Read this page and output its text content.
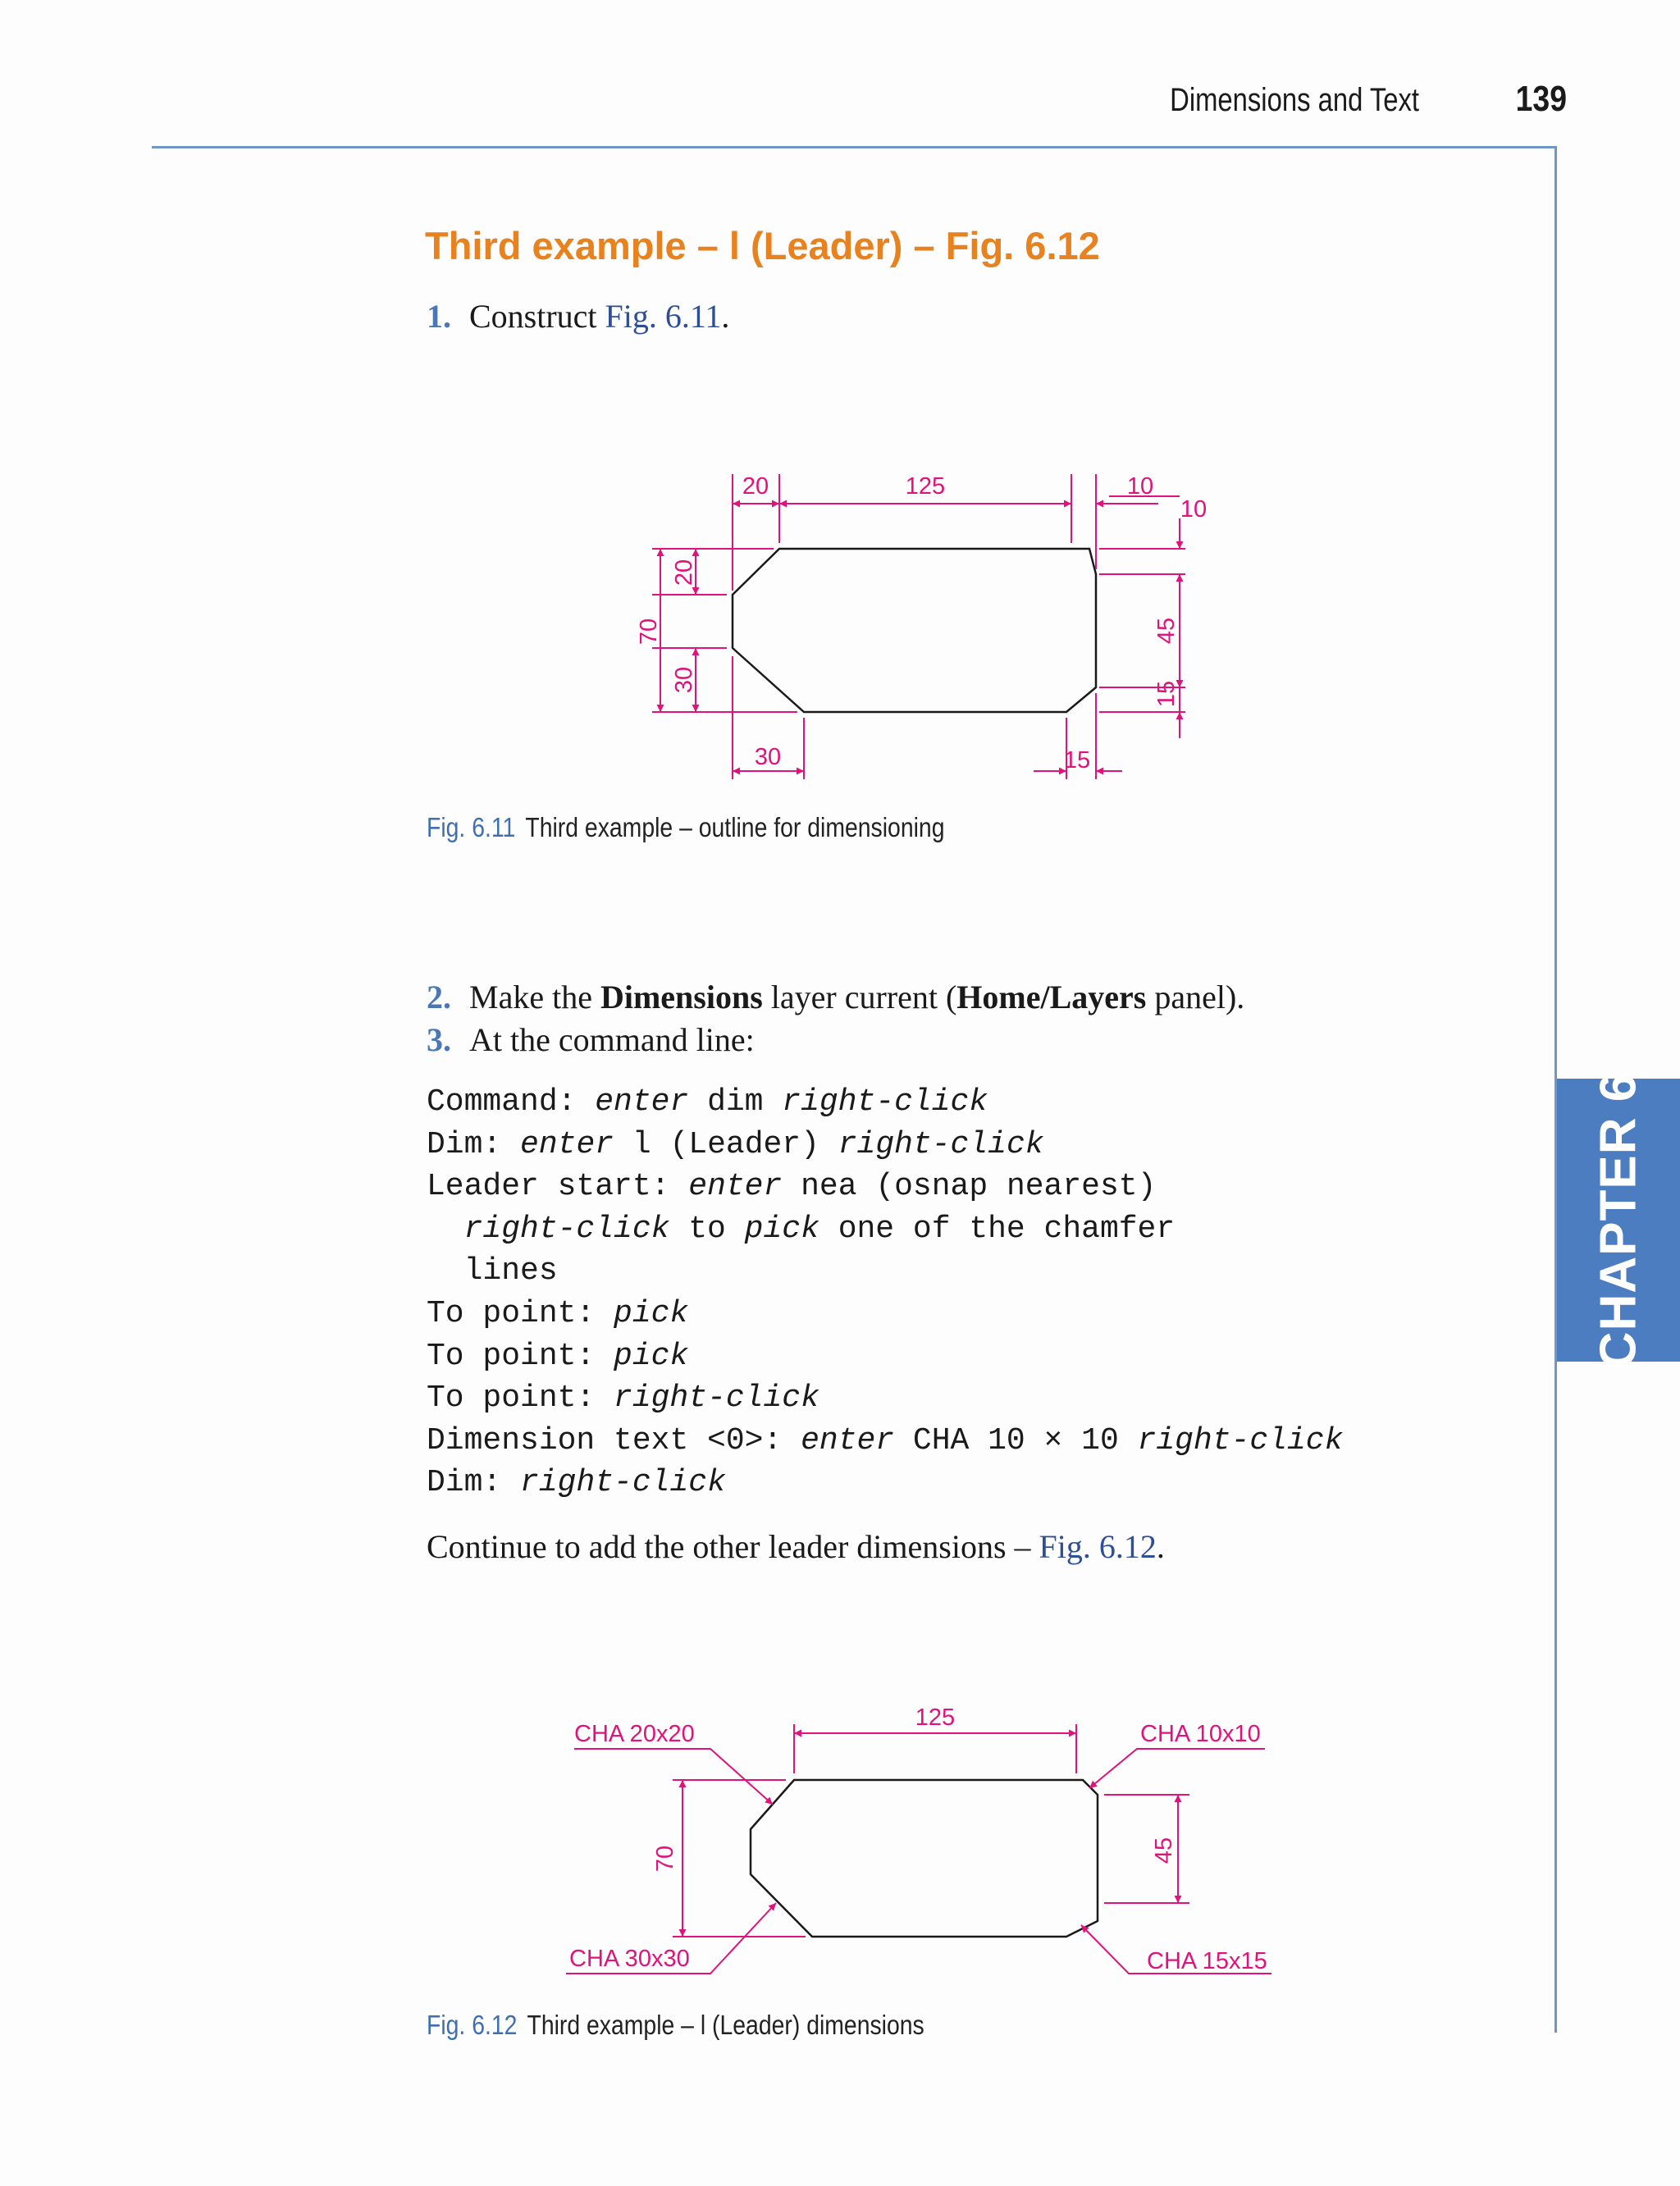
Dimensions and Text	139
Third example – l (Leader) – Fig. 6.12
1. Construct Fig. 6.11.
20	125	10
10
70
20
30
45
15
30	15
Fig. 6.11 Third example – outline for dimensioning
2. Make the Dimensions layer current (Home/Layers panel).
3. At the command line:
Command: enter dim right-click
Dim: enter l (Leader) right-click
Leader start: enter nea (osnap nearest)
right-click to pick one of the chamfer
lines
To point: pick
To point: pick
To point: right-click
Dimension text <0>: enter CHA 10 × 10 right-click
Dim: right-click
Continue to add the other leader dimensions – Fig. 6.12.
125
70	45
CHA 20x20	CHA 10x10
CHA 30x30	CHA 15x15
Fig. 6.12 Third example – l (Leader) dimensions
CHAPTER 6
